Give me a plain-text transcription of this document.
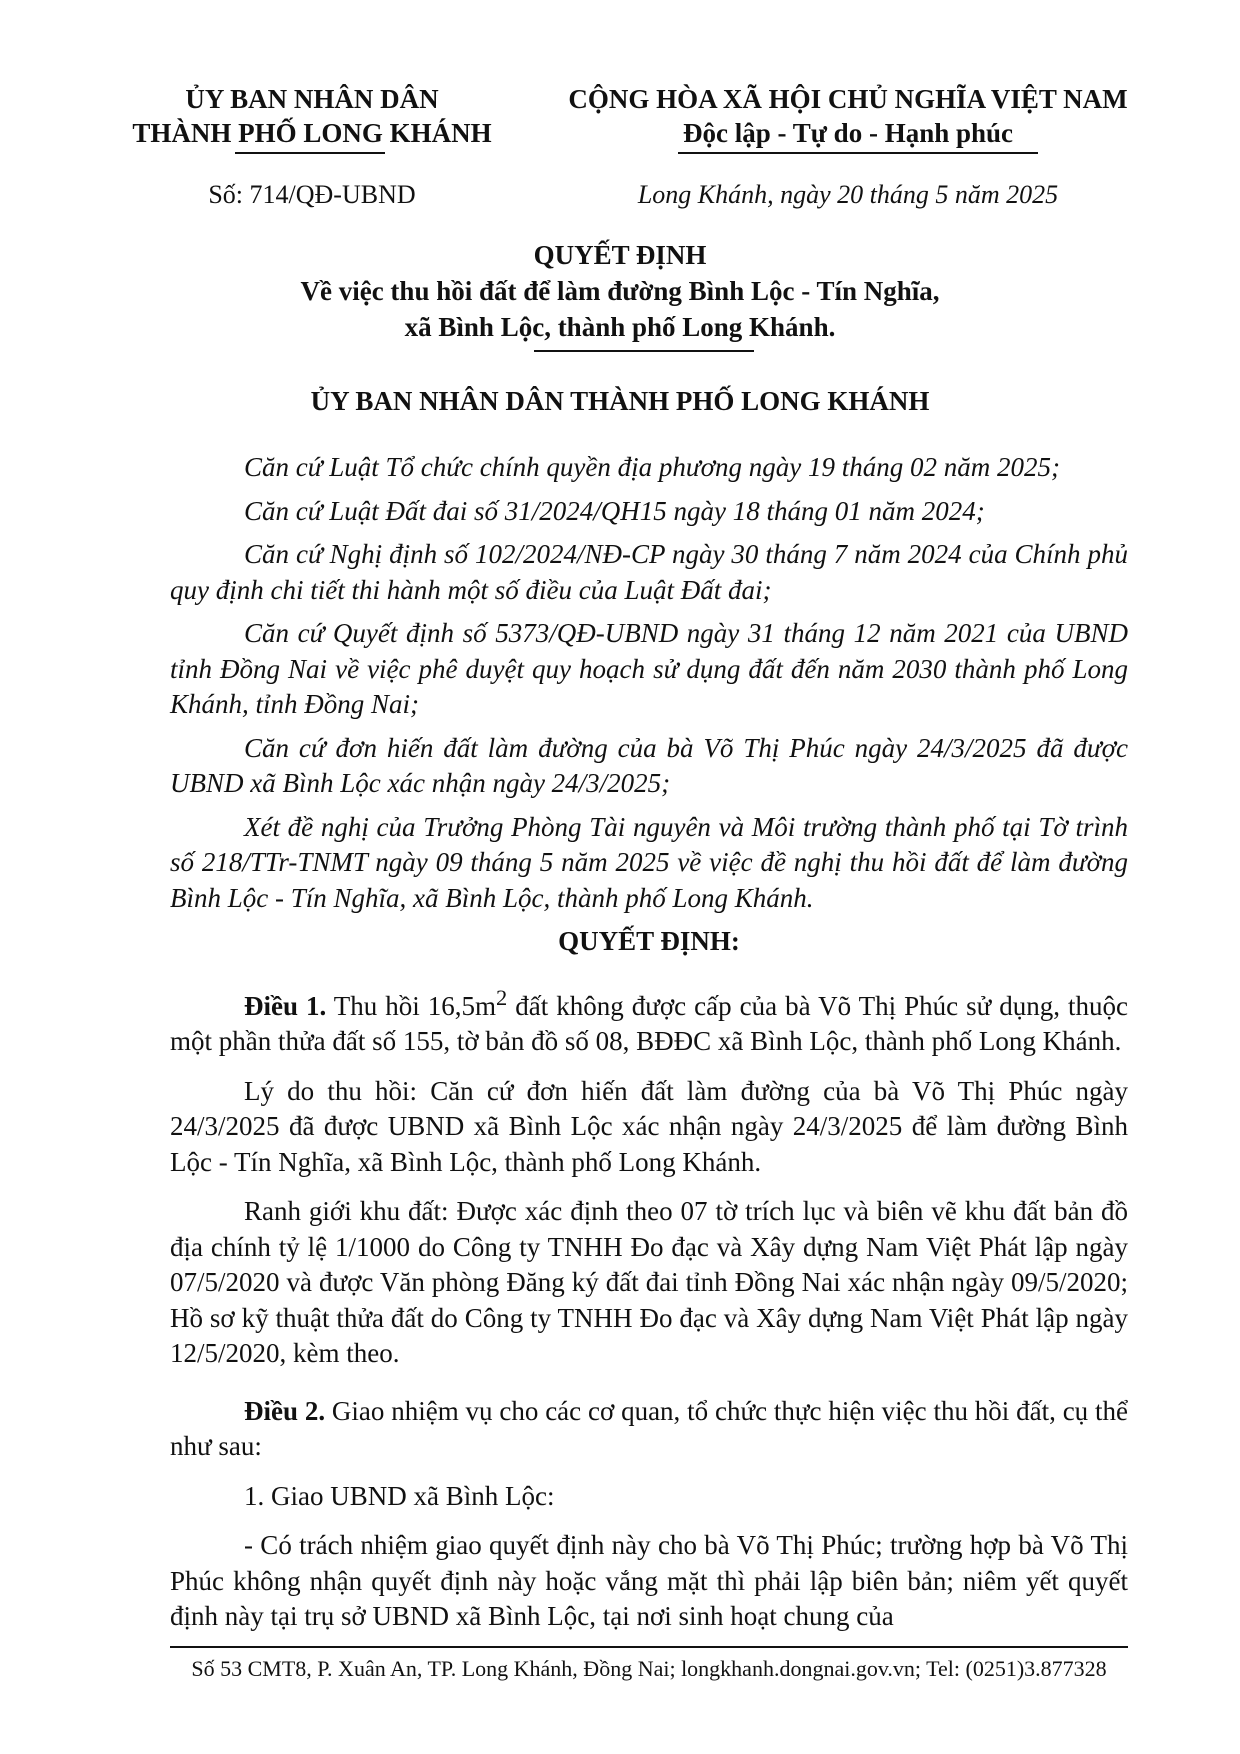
ỦY BAN NHÂN DÂN
THÀNH PHỐ LONG KHÁNH
CỘNG HÒA XÃ HỘI CHỦ NGHĨA VIỆT NAM
Độc lập - Tự do - Hạnh phúc
Số: 714/QĐ-UBND	Long Khánh, ngày 20 tháng 5 năm 2025
QUYẾT ĐỊNH
Về việc thu hồi đất để làm đường Bình Lộc - Tín Nghĩa,
xã Bình Lộc, thành phố Long Khánh.
ỦY BAN NHÂN DÂN THÀNH PHỐ LONG KHÁNH

Căn cứ Luật Tổ chức chính quyền địa phương ngày 19 tháng 02 năm 2025;

Căn cứ Luật Đất đai số 31/2024/QH15 ngày 18 tháng 01 năm 2024;

Căn cứ Nghị định số 102/2024/NĐ-CP ngày 30 tháng 7 năm 2024 của Chính phủ quy định chi tiết thi hành một số điều của Luật Đất đai;

Căn cứ Quyết định số 5373/QĐ-UBND ngày 31 tháng 12 năm 2021 của UBND tỉnh Đồng Nai về việc phê duyệt quy hoạch sử dụng đất đến năm 2030 thành phố Long Khánh, tỉnh Đồng Nai;

Căn cứ đơn hiến đất làm đường của bà Võ Thị Phúc ngày 24/3/2025 đã được UBND xã Bình Lộc xác nhận ngày 24/3/2025;

Xét đề nghị của Trưởng Phòng Tài nguyên và Môi trường thành phố tại Tờ trình số 218/TTr-TNMT ngày 09 tháng 5 năm 2025 về việc đề nghị thu hồi đất để làm đường Bình Lộc - Tín Nghĩa, xã Bình Lộc, thành phố Long Khánh.

QUYẾT ĐỊNH:

Điều 1. Thu hồi $16,5m^2$ đất không được cấp của bà Võ Thị Phúc sử dụng, thuộc một phần thửa đất số 155, tờ bản đồ số 08, BĐĐC xã Bình Lộc, thành phố Long Khánh.

Lý do thu hồi: Căn cứ đơn hiến đất làm đường của bà Võ Thị Phúc ngày 24/3/2025 đã được UBND xã Bình Lộc xác nhận ngày 24/3/2025 để làm đường Bình Lộc - Tín Nghĩa, xã Bình Lộc, thành phố Long Khánh.

Ranh giới khu đất: Được xác định theo 07 tờ trích lục và biên vẽ khu đất bản đồ địa chính tỷ lệ 1/1000 do Công ty TNHH Đo đạc và Xây dựng Nam Việt Phát lập ngày 07/5/2020 và được Văn phòng Đăng ký đất đai tỉnh Đồng Nai xác nhận ngày 09/5/2020; Hồ sơ kỹ thuật thửa đất do Công ty TNHH Đo đạc và Xây dựng Nam Việt Phát lập ngày 12/5/2020, kèm theo.

Điều 2. Giao nhiệm vụ cho các cơ quan, tổ chức thực hiện việc thu hồi đất, cụ thể như sau:

1. Giao UBND xã Bình Lộc:

- Có trách nhiệm giao quyết định này cho bà Võ Thị Phúc; trường hợp bà Võ Thị Phúc không nhận quyết định này hoặc vắng mặt thì phải lập biên bản; niêm yết quyết định này tại trụ sở UBND xã Bình Lộc, tại nơi sinh hoạt chung của

Số 53 CMT8, P. Xuân An, TP. Long Khánh, Đồng Nai; longkhanh.dongnai.gov.vn; Tel: (0251)3.877328
